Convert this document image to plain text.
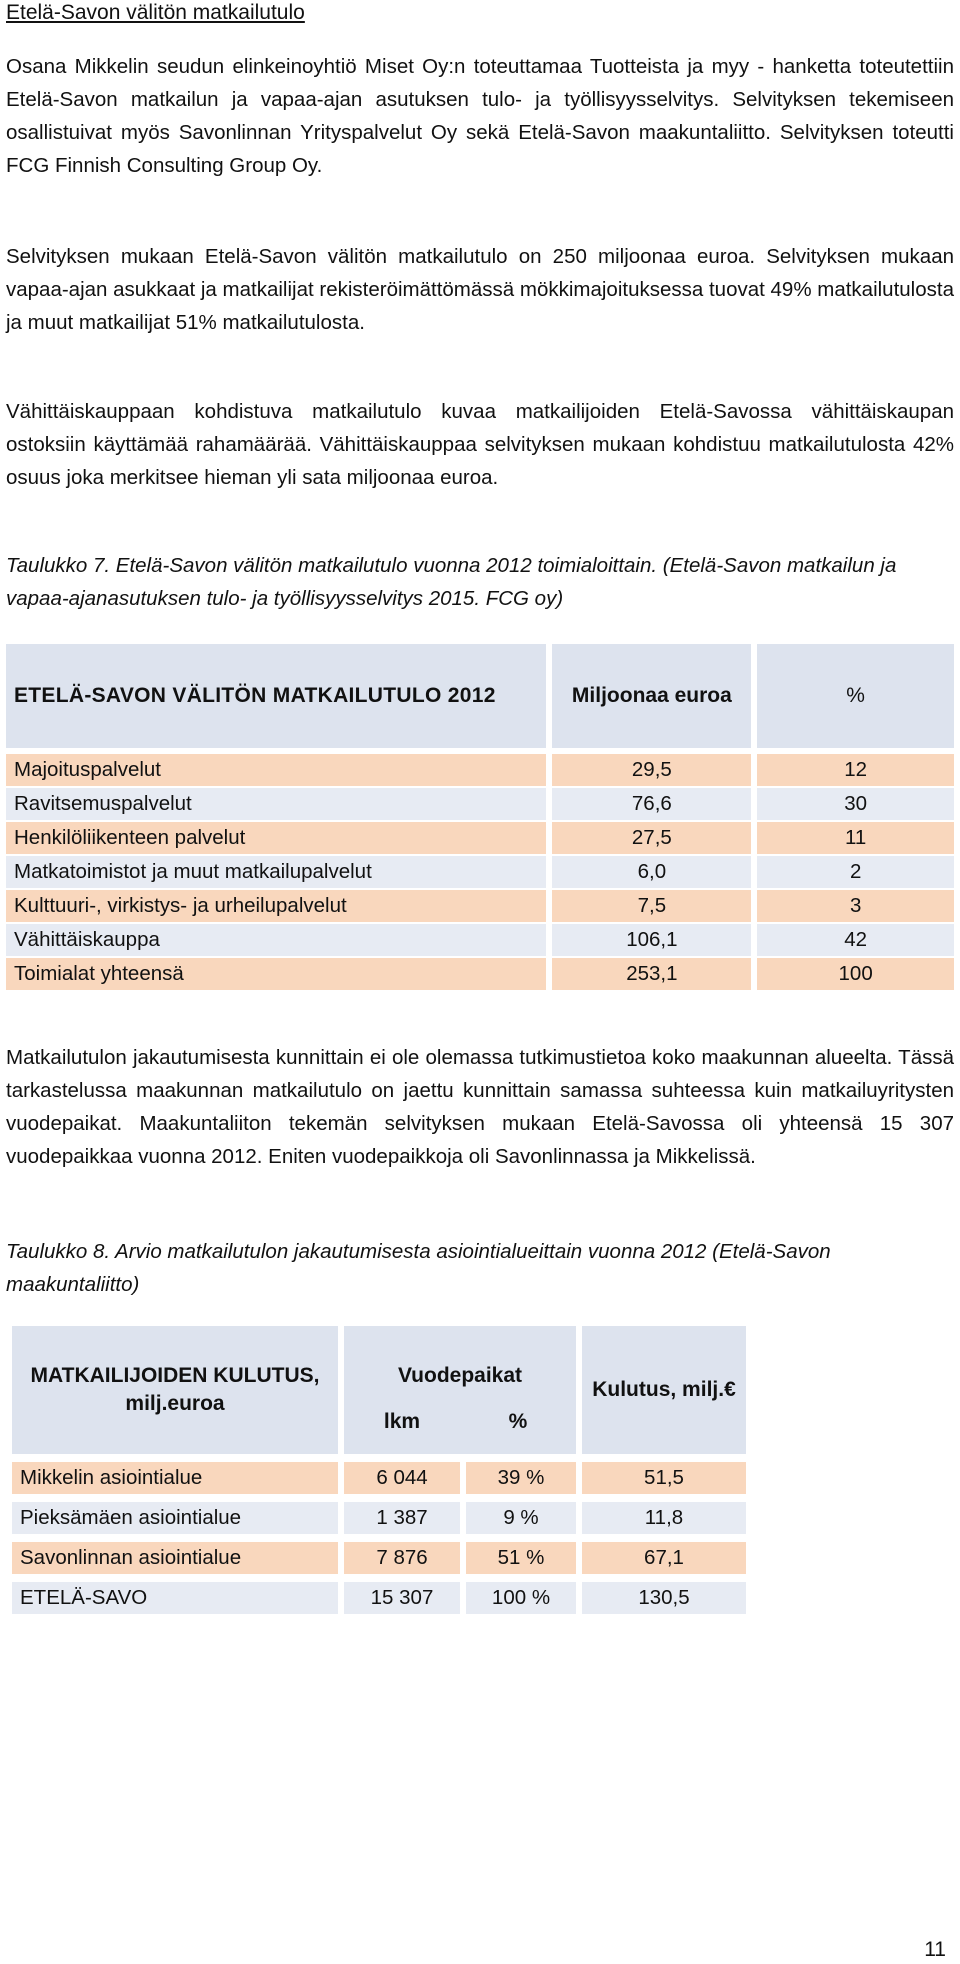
Etelä-Savon välitön matkailutulo

Osana Mikkelin seudun elinkeinoyhtiö Miset Oy:n toteuttamaa Tuotteista ja myy - hanketta toteutettiin Etelä-Savon matkailun ja vapaa-ajan asutuksen tulo- ja työllisyysselvitys. Selvityksen tekemiseen osallistuivat myös Savonlinnan Yrityspalvelut Oy sekä Etelä-Savon maakuntaliitto. Selvityksen toteutti FCG Finnish Consulting Group Oy.

Selvityksen mukaan Etelä-Savon välitön matkailutulo on 250 miljoonaa euroa. Selvityksen mukaan vapaa-ajan asukkaat ja matkailijat rekisteröimättömässä mökkimajoituksessa tuovat 49% matkailutulosta ja muut matkailijat 51% matkailutulosta.

Vähittäiskauppaan kohdistuva matkailutulo kuvaa matkailijoiden Etelä-Savossa vähittäiskaupan ostoksiin käyttämää rahamäärää. Vähittäiskauppaa selvityksen mukaan kohdistuu matkailutulosta 42% osuus joka merkitsee hieman yli sata miljoonaa euroa.

Taulukko 7. Etelä-Savon välitön matkailutulo vuonna 2012 toimialoittain. (Etelä-Savon matkailun ja vapaa-ajanasutuksen tulo- ja työllisyysselvitys 2015. FCG oy)

ETELÄ-SAVON VÄLITÖN MATKAILUTULO 2012	Miljoonaa euroa	%
Majoituspalvelut	29,5	12
Ravitsemuspalvelut	76,6	30
Henkilöliikenteen palvelut	27,5	11
Matkatoimistot ja muut matkailupalvelut	6,0	2
Kulttuuri-, virkistys- ja urheilupalvelut	7,5	3
Vähittäiskauppa	106,1	42
Toimialat yhteensä	253,1	100

Matkailutulon jakautumisesta kunnittain ei ole olemassa tutkimustietoa koko maakunnan alueelta. Tässä tarkastelussa maakunnan matkailutulo on jaettu kunnittain samassa suhteessa kuin matkailuyritysten vuodepaikat. Maakuntaliiton tekemän selvityksen mukaan Etelä-Savossa oli yhteensä 15 307 vuodepaikkaa vuonna 2012. Eniten vuodepaikkoja oli Savonlinnassa ja Mikkelissä.

Taulukko 8. Arvio matkailutulon jakautumisesta asiointialueittain vuonna 2012 (Etelä-Savon maakuntaliitto)

MATKAILIJOIDEN KULUTUS, milj.euroa	Vuodepaikat		Kulutus, milj.€
	lkm	%	
Mikkelin asiointialue	6 044	39 %	51,5
Pieksämäen asiointialue	1 387	9 %	11,8
Savonlinnan asiointialue	7 876	51 %	67,1
ETELÄ-SAVO	15 307	100 %	130,5
11
